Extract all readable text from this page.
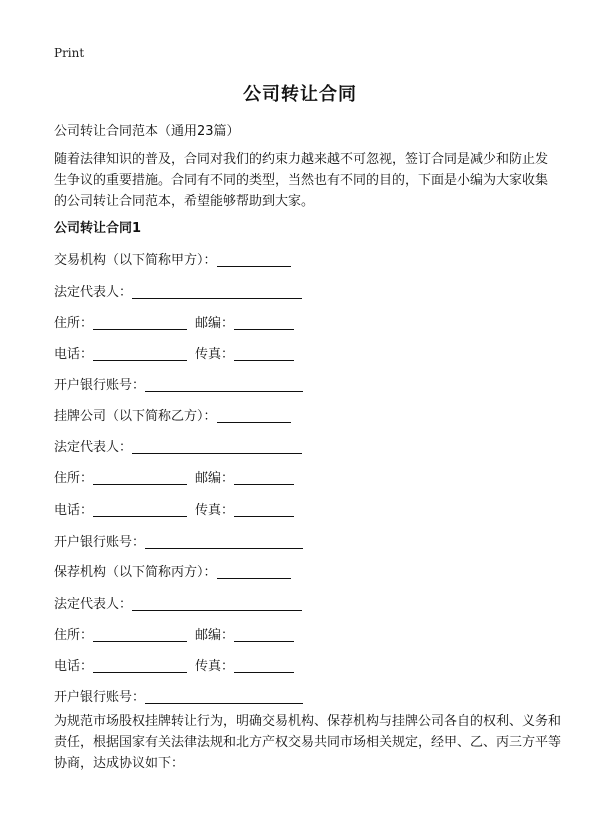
Print
公司转让合同
公司转让合同范本（通用23篇）

随着法律知识的普及，合同对我们的约束力越来越不可忽视，签订合同是减少和防止发生争议的重要措施。合同有不同的类型，当然也有不同的目的，下面是小编为大家收集的公司转让合同范本，希望能够帮助到大家。

公司转让合同1
交易机构（以下简称甲方）：
法定代表人：
住所：	邮编：
电话：	传真：
开户银行账号：
挂牌公司（以下简称乙方）：
法定代表人：
住所：	邮编：
电话：	传真：
开户银行账号：
保荐机构（以下简称丙方）：
法定代表人：
住所：	邮编：
电话：	传真：
开户银行账号：

为规范市场股权挂牌转让行为，明确交易机构、保荐机构与挂牌公司各自的权利、义务和责任，根据国家有关法律法规和北方产权交易共同市场相关规定，经甲、乙、丙三方平等协商，达成协议如下：
